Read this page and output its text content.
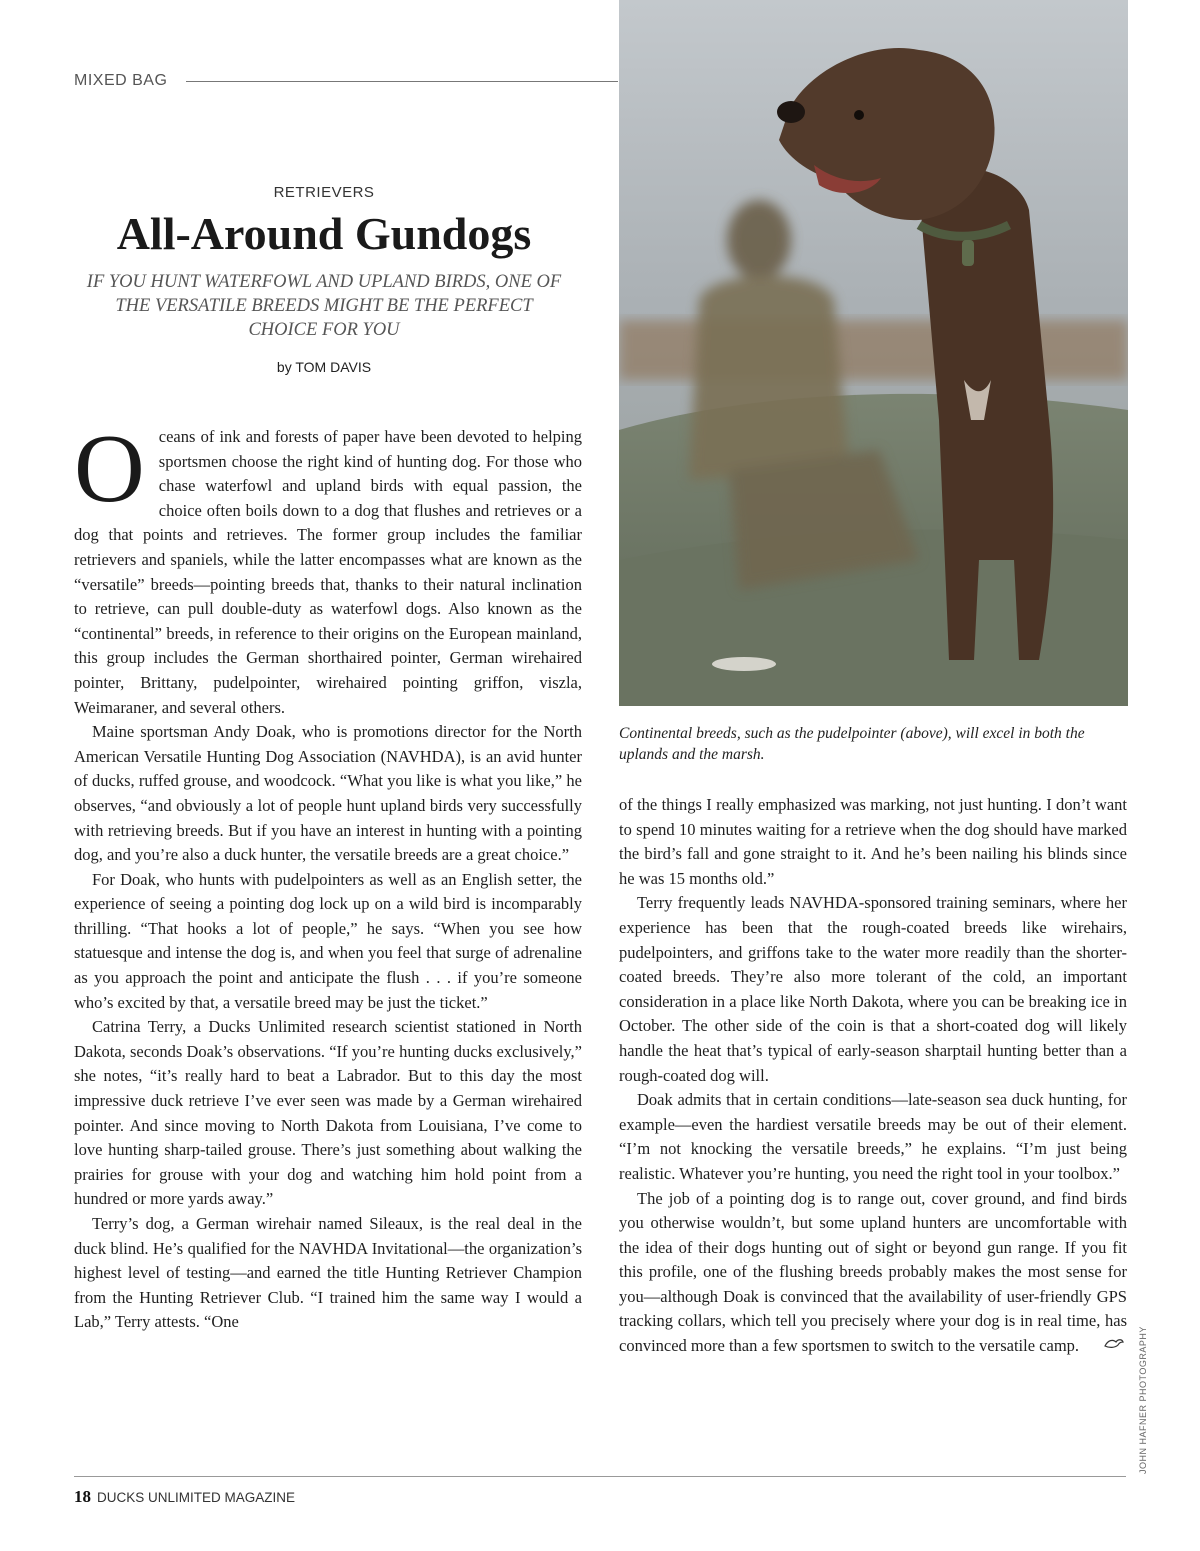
MIXED BAG
Continental breeds, such as the pudelpointer (above), will excel in both the uplands and the marsh.
RETRIEVERS
All-Around Gundogs
IF YOU HUNT WATERFOWL AND UPLAND BIRDS, ONE OF THE VERSATILE BREEDS MIGHT BE THE PERFECT CHOICE FOR YOU
by TOM DAVIS

Oceans of ink and forests of paper have been devoted to helping sportsmen choose the right kind of hunting dog. For those who chase waterfowl and upland birds with equal passion, the choice often boils down to a dog that flushes and retrieves or a dog that points and retrieves. The former group includes the familiar retrievers and spaniels, while the latter encompasses what are known as the “versatile” breeds—pointing breeds that, thanks to their natural inclination to retrieve, can pull double-duty as waterfowl dogs. Also known as the “continental” breeds, in reference to their origins on the European mainland, this group includes the German shorthaired pointer, German wirehaired pointer, Brittany, pudelpointer, wirehaired pointing griffon, viszla, Weimaraner, and several others.

Maine sportsman Andy Doak, who is promotions director for the North American Versatile Hunting Dog Association (NAVHDA), is an avid hunter of ducks, ruffed grouse, and woodcock. “What you like is what you like,” he observes, “and obviously a lot of people hunt upland birds very successfully with retrieving breeds. But if you have an interest in hunting with a pointing dog, and you’re also a duck hunter, the versatile breeds are a great choice.”

For Doak, who hunts with pudelpointers as well as an English setter, the experience of seeing a pointing dog lock up on a wild bird is incomparably thrilling. “That hooks a lot of people,” he says. “When you see how statuesque and intense the dog is, and when you feel that surge of adrenaline as you approach the point and anticipate the flush . . . if you’re someone who’s excited by that, a versatile breed may be just the ticket.”

Catrina Terry, a Ducks Unlimited research scientist stationed in North Dakota, seconds Doak’s observations. “If you’re hunting ducks exclusively,” she notes, “it’s really hard to beat a Labrador. But to this day the most impressive duck retrieve I’ve ever seen was made by a German wirehaired pointer. And since moving to North Dakota from Louisiana, I’ve come to love hunting sharp-tailed grouse. There’s just something about walking the prairies for grouse with your dog and watching him hold point from a hundred or more yards away.”

Terry’s dog, a German wirehair named Sileaux, is the real deal in the duck blind. He’s qualified for the NAVHDA Invitational—the organization’s highest level of testing—and earned the title Hunting Retriever Champion from the Hunting Retriever Club. “I trained him the same way I would a Lab,” Terry attests. “One

of the things I really emphasized was marking, not just hunting. I don’t want to spend 10 minutes waiting for a retrieve when the dog should have marked the bird’s fall and gone straight to it. And he’s been nailing his blinds since he was 15 months old.”

Terry frequently leads NAVHDA-sponsored training seminars, where her experience has been that the rough-coated breeds like wirehairs, pudelpointers, and griffons take to the water more readily than the shorter-coated breeds. They’re also more tolerant of the cold, an important consideration in a place like North Dakota, where you can be breaking ice in October. The other side of the coin is that a short-coated dog will likely handle the heat that’s typical of early-season sharptail hunting better than a rough-coated dog will.

Doak admits that in certain conditions—late-season sea duck hunting, for example—even the hardiest versatile breeds may be out of their element. “I’m not knocking the versatile breeds,” he explains. “I’m just being realistic. Whatever you’re hunting, you need the right tool in your toolbox.”

The job of a pointing dog is to range out, cover ground, and find birds you otherwise wouldn’t, but some upland hunters are uncomfortable with the idea of their dogs hunting out of sight or beyond gun range. If you fit this profile, one of the flushing breeds probably makes the most sense for you—although Doak is convinced that the availability of user-friendly GPS tracking collars, which tell you precisely where your dog is in real time, has convinced more than a few sportsmen to switch to the versatile camp.

18 DUCKS UNLIMITED MAGAZINE
JOHN HAFNER PHOTOGRAPHY
